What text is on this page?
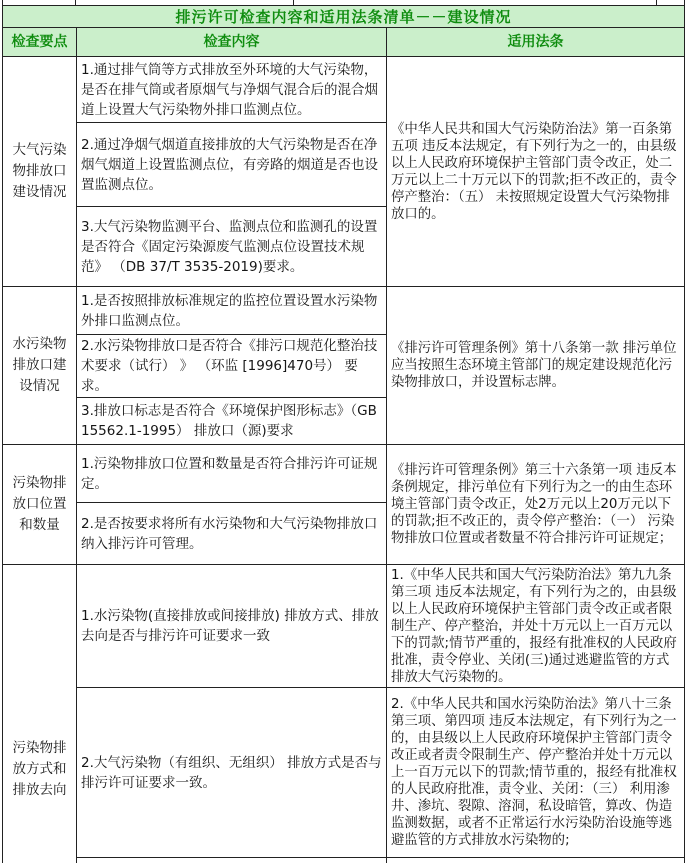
排污许可检查内容和适用法条清单－－建设情况
检查要点	检查内容	适用法条
大气污染物排放口建设情况
1.通过排气筒等方式排放至外环境的大气污染物，是否在排气筒或者原烟气与净烟气混合后的混合烟道上设置大气污染物外排口监测点位。
2.通过净烟气烟道直接排放的大气污染物是否在净烟气烟道上设置监测点位，有旁路的烟道是否也设置监测点位。
3.大气污染物监测平台、监测点位和监测孔的设置是否符合《固定污染源废气监测点位设置技术规范》 （DB 37/T 3535-2019)要求。
《中华人民共和国大气污染防治法》第一百条第五项 违反本法规定，有下列行为之一的，由县级以上人民政府环境保护主管部门责令改正，处二万元以上二十万元以下的罚款;拒不改正的，责令停产整治：（五） 未按照规定设置大气污染物排放口的。
水污染物排放口建设情况
1.是否按照排放标准规定的监控位置设置水污染物外排口监测点位。
2.水污染物排放口是否符合《排污口规范化整治技术要求（试行） 》 （环监 [1996]470号） 要求。
3.排放口标志是否符合《环境保护图形标志》（GB 15562.1-1995） 排放口（源)要求
《排污许可管理条例》第十八条第一款 排污单位应当按照生态环境主管部门的规定建设规范化污染物排放口，并设置标志牌。
污染物排放口位置和数量
1.污染物排放口位置和数量是否符合排污许可证规定。
2.是否按要求将所有水污染物和大气污染物排放口纳入排污许可管理。
《排污许可管理条例》第三十六条第一项 违反本条例规定，排污单位有下列行为之一的由生态环境主管部门责令改正，处2万元以上20万元以下的罚款;拒不改正的，责令停产整治：（一） 污染物排放口位置或者数量不符合排污许可证规定；
污染物排放方式和排放去向
1.水污染物(直接排放或间接排放) 排放方式、排放去向是否与排污许可证要求一致
2.大气污染物（有组织、无组织） 排放方式是否与排污许可证要求一致。
1.《中华人民共和国大气污染防治法》第九九条第三项 违反本法规定，有下列行为之的，由县级以上人民政府环境保护主管部门责令改正或者限制生产、停产整治，并处十万元以上一百万元以下的罚款;情节严重的，报经有批准权的人民政府批准，责令停业、关闭(三)通过逃避监管的方式排放大气污染物的。
2.《中华人民共和国水污染防治法》第八十三条第三项、第四项 违反本法规定，有下列行为之一的，由县级以上人民政府环境保护主管部门责令改正或者责令限制生产、停产整治并处十万元以上一百万元以下的罚款;情节重的，报经有批准权的人民政府批准，责令业、关闭：（三） 利用渗井、渗坑、裂隙、溶洞，私设暗管，算改、伪造监测数据，或者不正常运行水污染防治设施等逃避监管的方式排放水污染物的;
